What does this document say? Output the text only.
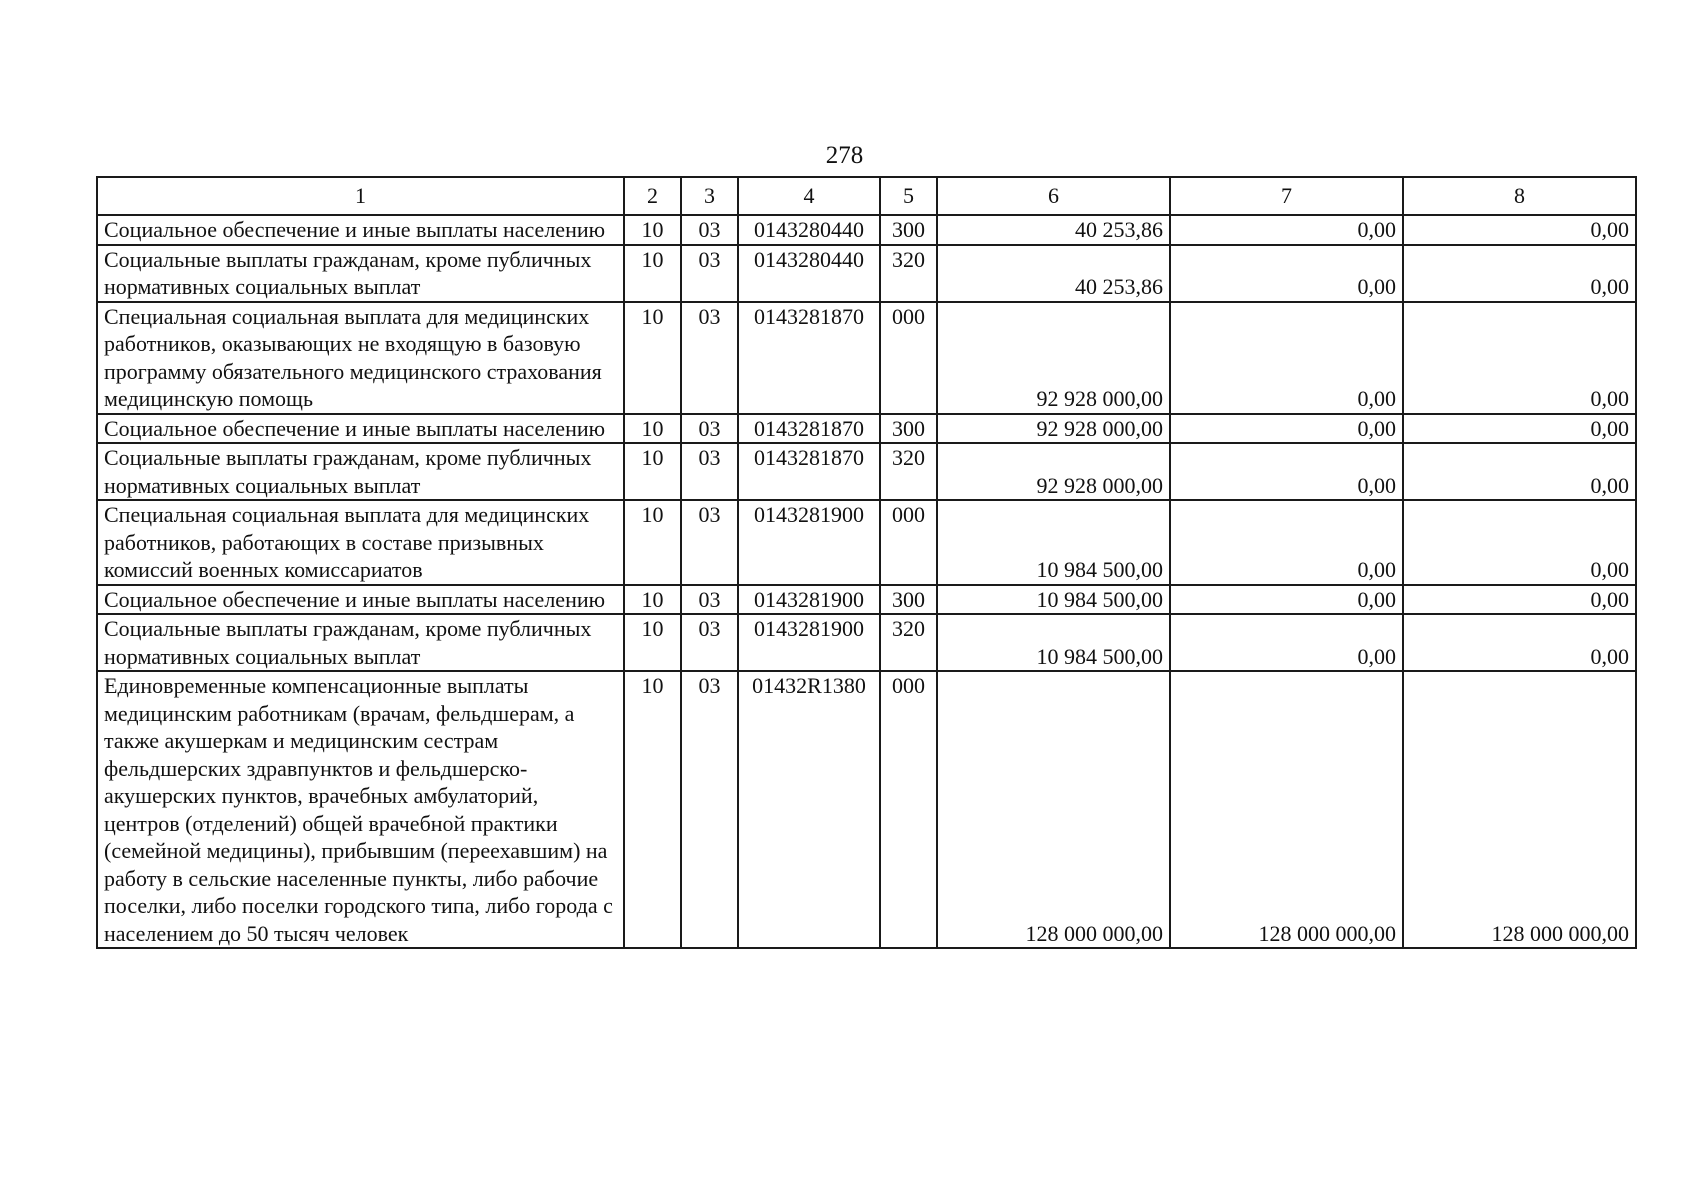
278
1	2	3	4	5	6	7	8
Социальное обеспечение и иные выплаты населению	10	03	0143280440	300	40 253,86	0,00	0,00
Социальные выплаты гражданам, кроме публичных нормативных социальных выплат	10	03	0143280440	320	40 253,86	0,00	0,00
Специальная социальная выплата для медицинских работников, оказывающих не входящую в базовую программу обязательного медицинского страхования медицинскую помощь	10	03	0143281870	000	92 928 000,00	0,00	0,00
Социальное обеспечение и иные выплаты населению	10	03	0143281870	300	92 928 000,00	0,00	0,00
Социальные выплаты гражданам, кроме публичных нормативных социальных выплат	10	03	0143281870	320	92 928 000,00	0,00	0,00
Специальная социальная выплата для медицинских работников, работающих в составе призывных комиссий военных комиссариатов	10	03	0143281900	000	10 984 500,00	0,00	0,00
Социальное обеспечение и иные выплаты населению	10	03	0143281900	300	10 984 500,00	0,00	0,00
Социальные выплаты гражданам, кроме публичных нормативных социальных выплат	10	03	0143281900	320	10 984 500,00	0,00	0,00
Единовременные компенсационные выплаты медицинским работникам (врачам, фельдшерам, а также акушеркам и медицинским сестрам фельдшерских здравпунктов и фельдшерско-акушерских пунктов, врачебных амбулаторий, центров (отделений) общей врачебной практики (семейной медицины), прибывшим (переехавшим) на работу в сельские населенные пункты, либо рабочие поселки, либо поселки городского типа, либо города с населением до 50 тысяч человек	10	03	01432R1380	000	128 000 000,00	128 000 000,00	128 000 000,00
